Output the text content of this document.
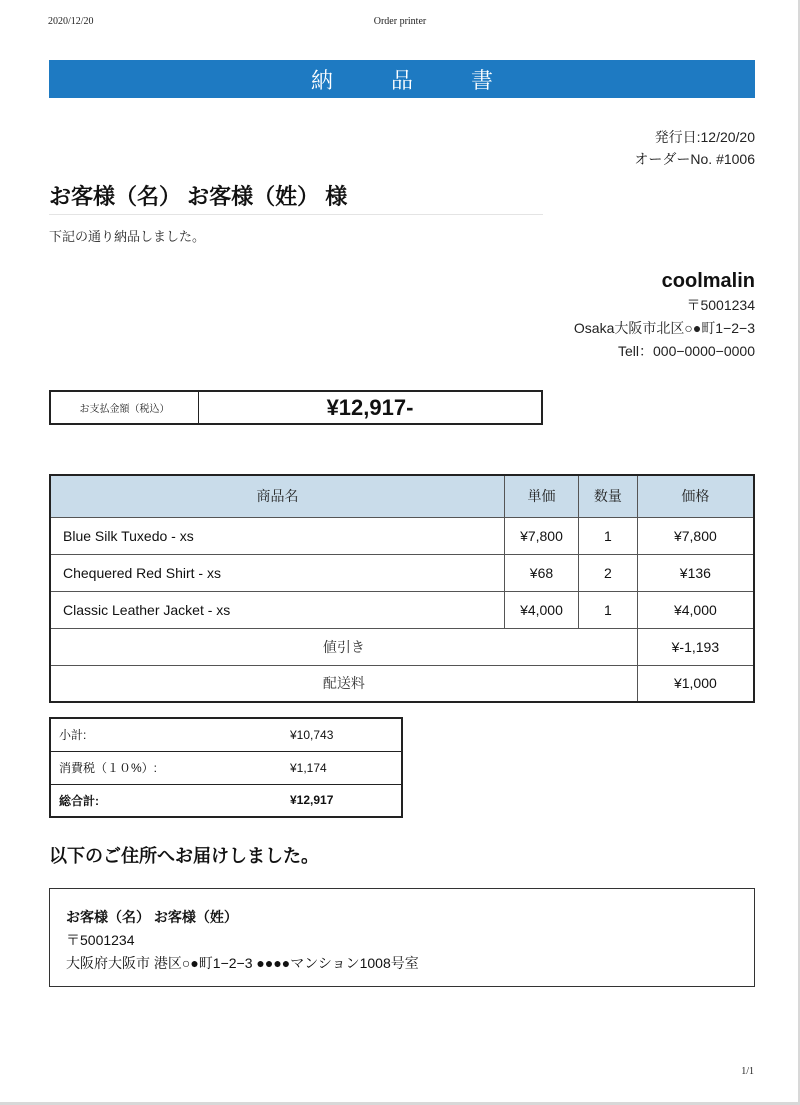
2020/12/20	Order printer
納　品　書
発行日:12/20/20
オーダーNo. #1006
お客様（名） お客様（姓） 様
下記の通り納品しました。
coolmalin
〒5001234
Osaka大阪市北区○●町1−2−3
Tell：000−0000−0000
お支払金額（税込）	¥12,917-
商品名	単価	数量	価格
Blue Silk Tuxedo - xs	¥7,800	1	¥7,800
Chequered Red Shirt - xs	¥68	2	¥136
Classic Leather Jacket - xs	¥4,000	1	¥4,000
値引き			¥-1,193
配送料			¥1,000
小計:	¥10,743
消費税（１０%）:	¥1,174
総合計:	¥12,917
以下のご住所へお届けしました。
お客様（名） お客様（姓）
〒5001234
大阪府大阪市 港区○●町1−2−3 ●●●●マンション1008号室
1/1
